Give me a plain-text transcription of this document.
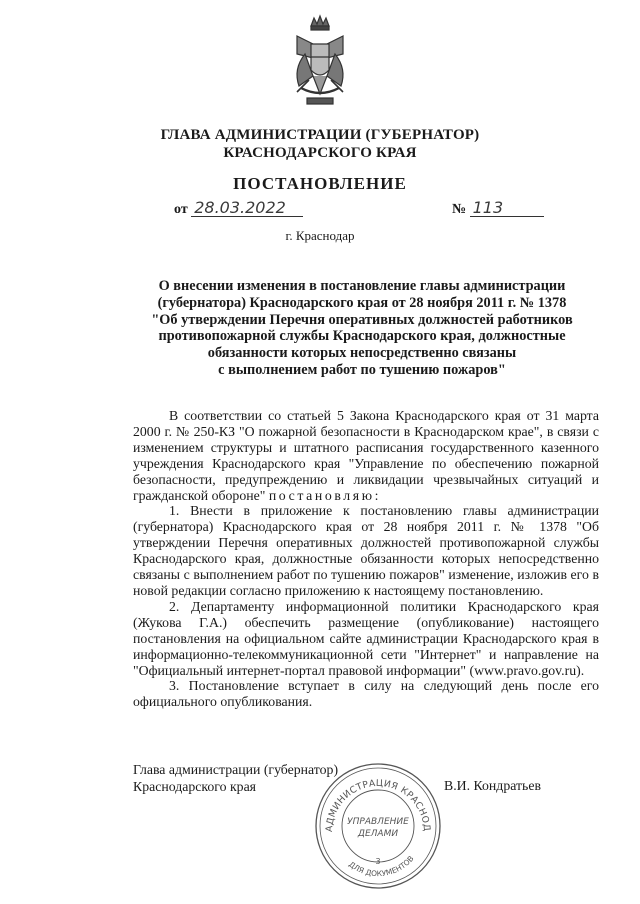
ГЛАВА АДМИНИСТРАЦИИ (ГУБЕРНАТОР)
КРАСНОДАРСКОГО КРАЯ
ПОСТАНОВЛЕНИЕ
от 28.03.2022	№ 113
г. Краснодар
О внесении изменения в постановление главы администрации
(губернатора) Краснодарского края от 28 ноября 2011 г. № 1378
"Об утверждении Перечня оперативных должностей работников
противопожарной службы Краснодарского края, должностные
обязанности которых непосредственно связаны
с выполнением работ по тушению пожаров"

В соответствии со статьей 5 Закона Краснодарского края от 31 марта 2000 г. № 250-КЗ "О пожарной безопасности в Краснодарском крае", в связи с изменением структуры и штатного расписания государственного казенного учреждения Краснодарского края "Управление по обеспечению пожарной безопасности, предупреждению и ликвидации чрезвычайных ситуаций и гражданской обороне" постановляю:

1. Внести в приложение к постановлению главы администрации (губернатора) Краснодарского края от 28 ноября 2011 г. № 1378 "Об утверждении Перечня оперативных должностей противопожарной службы Краснодарского края, должностные обязанности которых непосредственно связаны с выполнением работ по тушению пожаров" изменение, изложив его в новой редакции согласно приложению к настоящему постановлению.

2. Департаменту информационной политики Краснодарского края (Жукова Г.А.) обеспечить размещение (опубликование) настоящего постановления на официальном сайте администрации Краснодарского края в информационно-телекоммуникационной сети "Интернет" и направление на "Официальный интернет-портал правовой информации" (www.pravo.gov.ru).

3. Постановление вступает в силу на следующий день после его официального опубликования.

Глава администрации (губернатор)
Краснодарского края	В.И. Кондратьев
АДМИНИСТРАЦИЯ КРАСНОД
ДЛЯ ДОКУМЕНТОВ
УПРАВЛЕНИЕ
ДЕЛАМИ
3
